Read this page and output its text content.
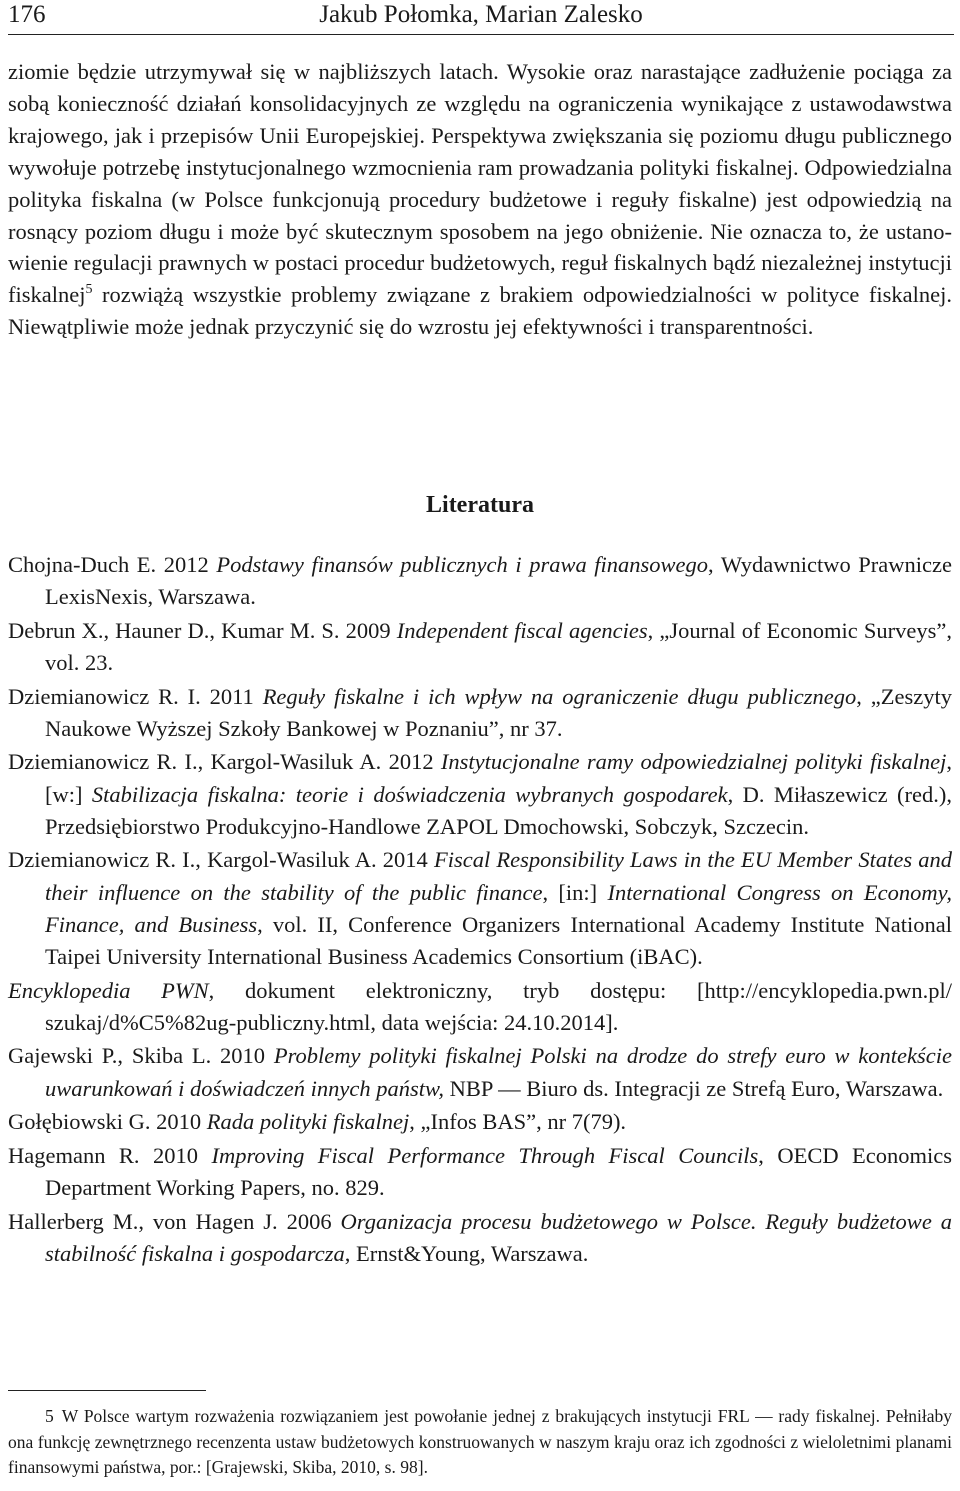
176	Jakub Połomka, Marian Zalesko

ziomie będzie utrzymywał się w najbliższych latach. Wysokie oraz narastające zadłużenie pociąga za sobą konieczność działań konsolidacyjnych ze względu na ograniczenia wynikające z ustawodawstwa krajowego, jak i przepisów Unii Europejskiej. Perspektywa zwiększania się poziomu długu publicznego wywołuje potrzebę instytucjonalnego wzmocnienia ram prowadzania polityki fiskalnej. Odpowiedzialna polityka fiskalna (w Polsce funkcjonują procedury budżetowe i reguły fiskalne) jest odpowiedzią na rosnący poziom długu i może być skutecznym sposobem na jego obniżenie. Nie oznacza to, że ustanowienie regulacji prawnych w postaci procedur budżetowych, reguł fiskalnych bądź niezależnej instytucji fiskalnej$^5$ rozwiążą wszystkie problemy związane z brakiem odpowiedzialności w polityce fiskalnej. Niewątpliwie może jednak przyczynić się do wzrostu jej efektywności i transparentności.

Literatura
Chojna-Duch E. 2012 Podstawy finansów publicznych i prawa finansowego, Wydawnictwo Prawnicze LexisNexis, Warszawa.
Debrun X., Hauner D., Kumar M. S. 2009 Independent fiscal agencies, „Journal of Economic Surveys”, vol. 23.
Dziemianowicz R. I. 2011 Reguły fiskalne i ich wpływ na ograniczenie długu publicznego, „Zeszyty Naukowe Wyższej Szkoły Bankowej w Poznaniu”, nr 37.
Dziemianowicz R. I., Kargol-Wasiluk A. 2012 Instytucjonalne ramy odpowiedzialnej polityki fiskalnej, [w:] Stabilizacja fiskalna: teorie i doświadczenia wybranych gospodarek, D. Miłaszewicz (red.), Przedsiębiorstwo Produkcyjno-Handlowe ZAPOL Dmochowski, Sobczyk, Szczecin.
Dziemianowicz R. I., Kargol-Wasiluk A. 2014 Fiscal Responsibility Laws in the EU Member States and their influence on the stability of the public finance, [in:] International Congress on Economy, Finance, and Business, vol. II, Conference Organizers International Academy Institute National Taipei University International Business Academics Consortium (iBAC).
Encyklopedia PWN, dokument elektroniczny, tryb dostępu: [http://encyklopedia.pwn.pl/ szukaj/d%C5%82ug-publiczny.html, data wejścia: 24.10.2014].
Gajewski P., Skiba L. 2010 Problemy polityki fiskalnej Polski na drodze do strefy euro w kontekście uwarunkowań i doświadczeń innych państw, NBP — Biuro ds. Integracji ze Strefą Euro, Warszawa.
Gołębiowski G. 2010 Rada polityki fiskalnej, „Infos BAS”, nr 7(79).
Hagemann R. 2010 Improving Fiscal Performance Through Fiscal Councils, OECD Economics Department Working Papers, no. 829.
Hallerberg M., von Hagen J. 2006 Organizacja procesu budżetowego w Polsce. Reguły budżetowe a stabilność fiskalna i gospodarcza, Ernst&Young, Warszawa.

5 W Polsce wartym rozważenia rozwiązaniem jest powołanie jednej z brakujących instytucji FRL — rady fiskalnej. Pełniłaby ona funkcję zewnętrznego recenzenta ustaw budżetowych konstruowanych w naszym kraju oraz ich zgodności z wieloletnimi planami finansowymi państwa, por.: [Grajewski, Skiba, 2010, s. 98].
